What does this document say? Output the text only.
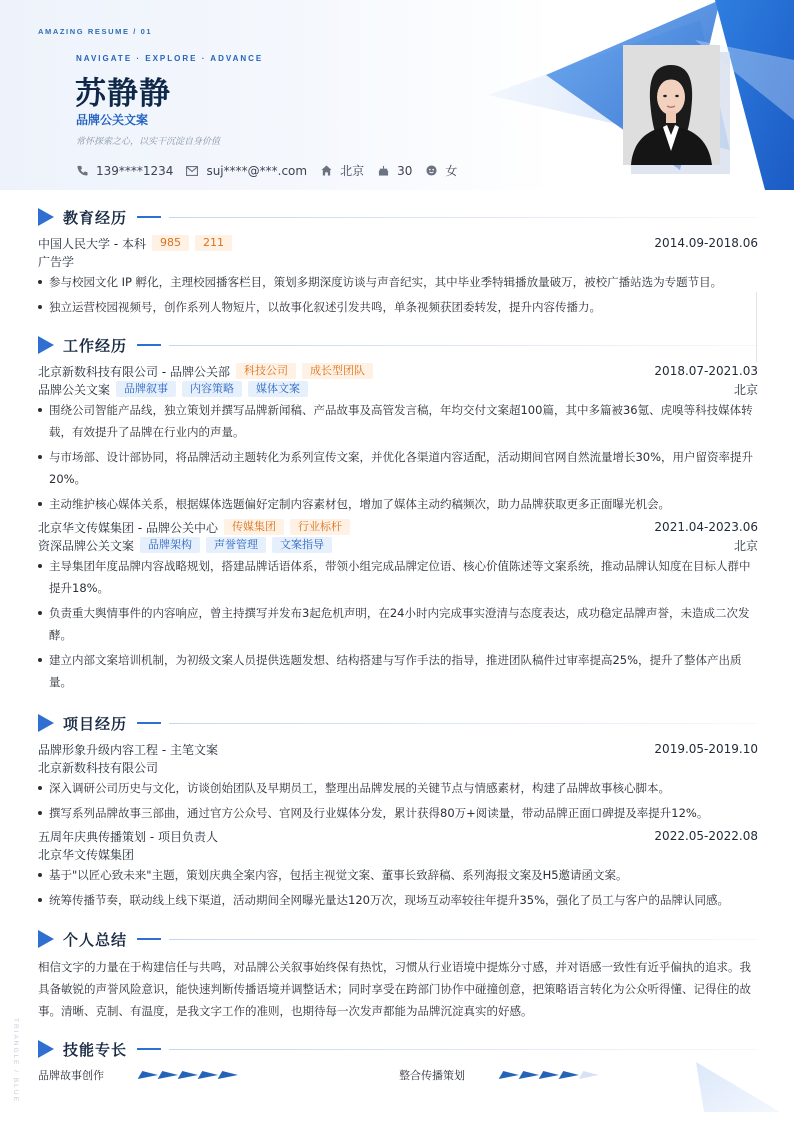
AMAZING RESUME / 01
NAVIGATE · EXPLORE · ADVANCE
苏静静
品牌公关文案
常怀探索之心，以实干沉淀自身价值
139****1234	suj****@***.com	北京	30	女
教育经历
中国人民大学 - 本科	985	211	2014.09-2018.06
广告学
参与校园文化 IP 孵化，主理校园播客栏目，策划多期深度访谈与声音纪实，其中毕业季特辑播放量破万，被校广播站选为专题节目。
独立运营校园视频号，创作系列人物短片，以故事化叙述引发共鸣，单条视频获团委转发，提升内容传播力。
工作经历
北京新数科技有限公司 - 品牌公关部	科技公司	成长型团队	2018.07-2021.03
品牌公关文案	品牌叙事	内容策略	媒体文案	北京
围绕公司智能产品线，独立策划并撰写品牌新闻稿、产品故事及高管发言稿，年均交付文案超100篇，其中多篇被36氪、虎嗅等科技媒体转载，有效提升了品牌在行业内的声量。
与市场部、设计部协同，将品牌活动主题转化为系列宣传文案，并优化各渠道内容适配，活动期间官网自然流量增长30%，用户留资率提升20%。
主动维护核心媒体关系，根据媒体选题偏好定制内容素材包，增加了媒体主动约稿频次，助力品牌获取更多正面曝光机会。
北京华文传媒集团 - 品牌公关中心	传媒集团	行业标杆	2021.04-2023.06
资深品牌公关文案	品牌架构	声誉管理	文案指导	北京
主导集团年度品牌内容战略规划，搭建品牌话语体系，带领小组完成品牌定位语、核心价值陈述等文案系统，推动品牌认知度在目标人群中提升18%。
负责重大舆情事件的内容响应，曾主持撰写并发布3起危机声明，在24小时内完成事实澄清与态度表达，成功稳定品牌声誉，未造成二次发酵。
建立内部文案培训机制，为初级文案人员提供选题发想、结构搭建与写作手法的指导，推进团队稿件过审率提高25%，提升了整体产出质量。
项目经历
品牌形象升级内容工程 - 主笔文案	2019.05-2019.10
北京新数科技有限公司
深入调研公司历史与文化，访谈创始团队及早期员工，整理出品牌发展的关键节点与情感素材，构建了品牌故事核心脚本。
撰写系列品牌故事三部曲，通过官方公众号、官网及行业媒体分发，累计获得80万+阅读量，带动品牌正面口碑提及率提升12%。
五周年庆典传播策划 - 项目负责人	2022.05-2022.08
北京华文传媒集团
基于"以匠心致未来"主题，策划庆典全案内容，包括主视觉文案、董事长致辞稿、系列海报文案及H5邀请函文案。
统筹传播节奏，联动线上线下渠道，活动期间全网曝光量达120万次，现场互动率较往年提升35%，强化了员工与客户的品牌认同感。
个人总结

相信文字的力量在于构建信任与共鸣，对品牌公关叙事始终保有热忱，习惯从行业语境中提炼分寸感，并对语感一致性有近乎偏执的追求。我具备敏锐的声誉风险意识，能快速判断传播语境并调整话术；同时享受在跨部门协作中碰撞创意，把策略语言转化为公众听得懂、记得住的故事。清晰、克制、有温度，是我文字工作的准则，也期待每一次发声都能为品牌沉淀真实的好感。

技能专长
品牌故事创作	整合传播策划
TRIANGLE / BLUE
